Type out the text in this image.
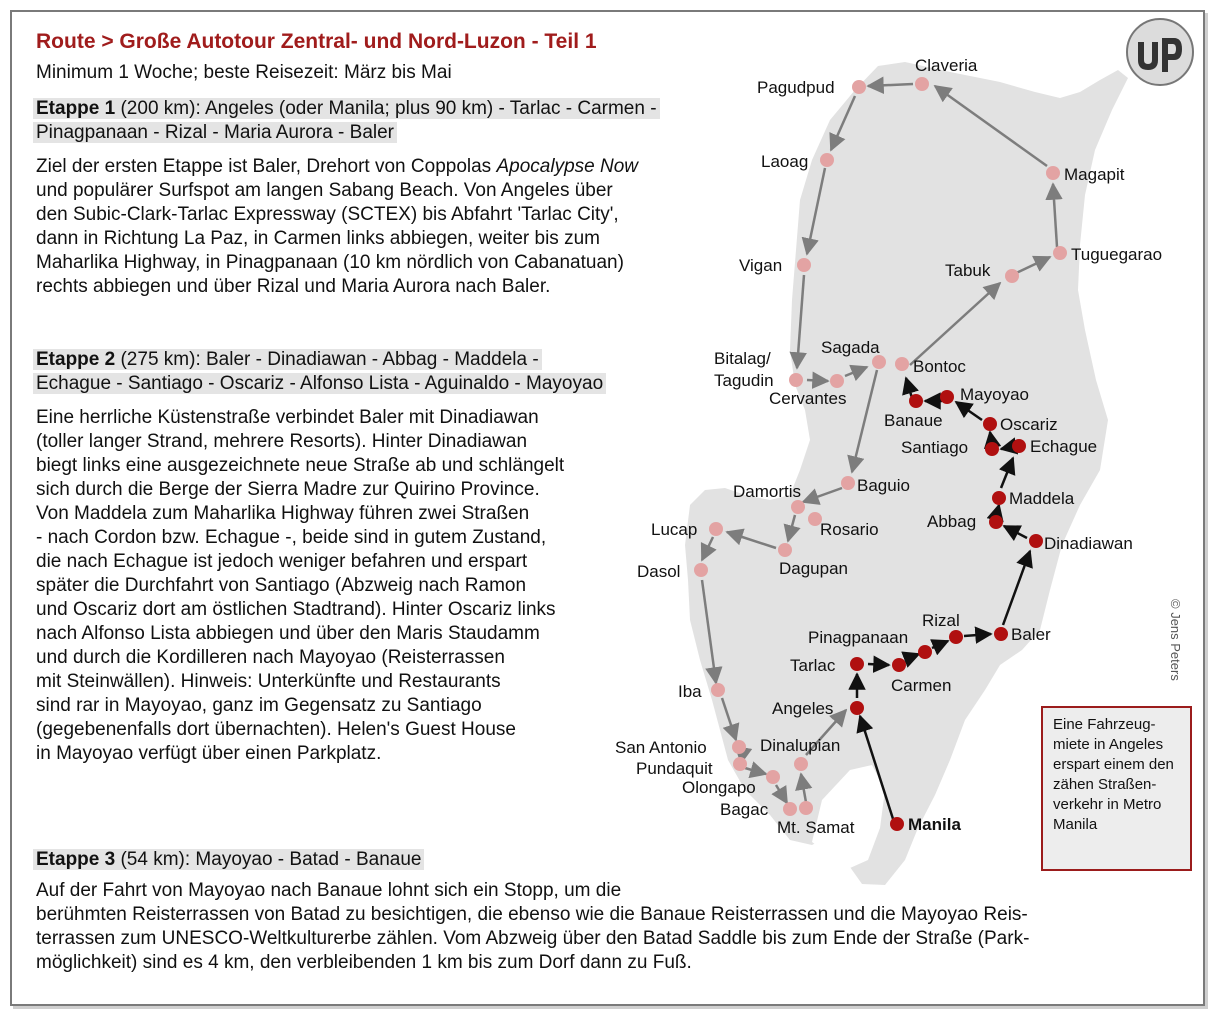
Claveria
Pagudpud
Laoag
Magapit
Vigan
Tuguegarao
Tabuk
Sagada
Bitalag/
Tagudin
Bontoc
Cervantes	Mayoyao
Banaue	Oscariz
Santiago	Echague
Baguio
Damortis	Maddela
Abbag
Rosario
Lucap
Dinadiawan
Dasol	Dagupan
Rizal
Pinagpanaan	Baler
Tarlac
Carmen
Iba
Angeles
Dinalupian
San Antonio
Pundaquit
Olongapo
Bagac
Mt. Samat	Manila
Route > Große Autotour Zentral- und Nord-Luzon - Teil 1
Minimum 1 Woche; beste Reisezeit: März bis Mai
Etappe 1 (200 km): Angeles (oder Manila; plus 90 km) - Tarlac - Carmen -
Pinagpanaan - Rizal - Maria Aurora - Baler
Ziel der ersten Etappe ist Baler, Drehort von Coppolas Apocalypse Now
und populärer Surfspot am langen Sabang Beach. Von Angeles über
den Subic-Clark-Tarlac Expressway (SCTEX) bis Abfahrt 'Tarlac City',
dann in Richtung La Paz, in Carmen links abbiegen, weiter bis zum
Maharlika Highway, in Pinagpanaan (10 km nördlich von Cabanatuan)
rechts abbiegen und über Rizal und Maria Aurora nach Baler.
Etappe 2 (275 km): Baler - Dinadiawan - Abbag - Maddela -
Echague - Santiago - Oscariz - Alfonso Lista - Aguinaldo - Mayoyao
Eine herrliche Küstenstraße verbindet Baler mit Dinadiawan
(toller langer Strand, mehrere Resorts). Hinter Dinadiawan
biegt links eine ausgezeichnete neue Straße ab und schlängelt
sich durch die Berge der Sierra Madre zur Quirino Province.
Von Maddela zum Maharlika Highway führen zwei Straßen
- nach Cordon bzw. Echague -, beide sind in gutem Zustand,
die nach Echague ist jedoch weniger befahren und erspart
später die Durchfahrt von Santiago (Abzweig nach Ramon
und Oscariz dort am östlichen Stadtrand). Hinter Oscariz links
nach Alfonso Lista abbiegen und über den Maris Staudamm
und durch die Kordilleren nach Mayoyao (Reisterrassen
mit Steinwällen). Hinweis: Unterkünfte und Restaurants
sind rar in Mayoyao, ganz im Gegensatz zu Santiago
(gegebenenfalls dort übernachten). Helen's Guest House
in Mayoyao verfügt über einen Parkplatz.
Etappe 3 (54 km): Mayoyao - Batad - Banaue
Auf der Fahrt von Mayoyao nach Banaue lohnt sich ein Stopp, um die
berühmten Reisterrassen von Batad zu besichtigen, die ebenso wie die Banaue Reisterrassen und die Mayoyao Reis-
terrassen zum UNESCO-Weltkulturerbe zählen. Vom Abzweig über den Batad Saddle bis zum Ende der Straße (Park-
möglichkeit) sind es 4 km, den verbleibenden 1 km bis zum Dorf dann zu Fuß.
Eine Fahrzeug-
miete in Angeles
erspart einem den
zähen Straßen-
verkehr in Metro
Manila
© Jens Peters
